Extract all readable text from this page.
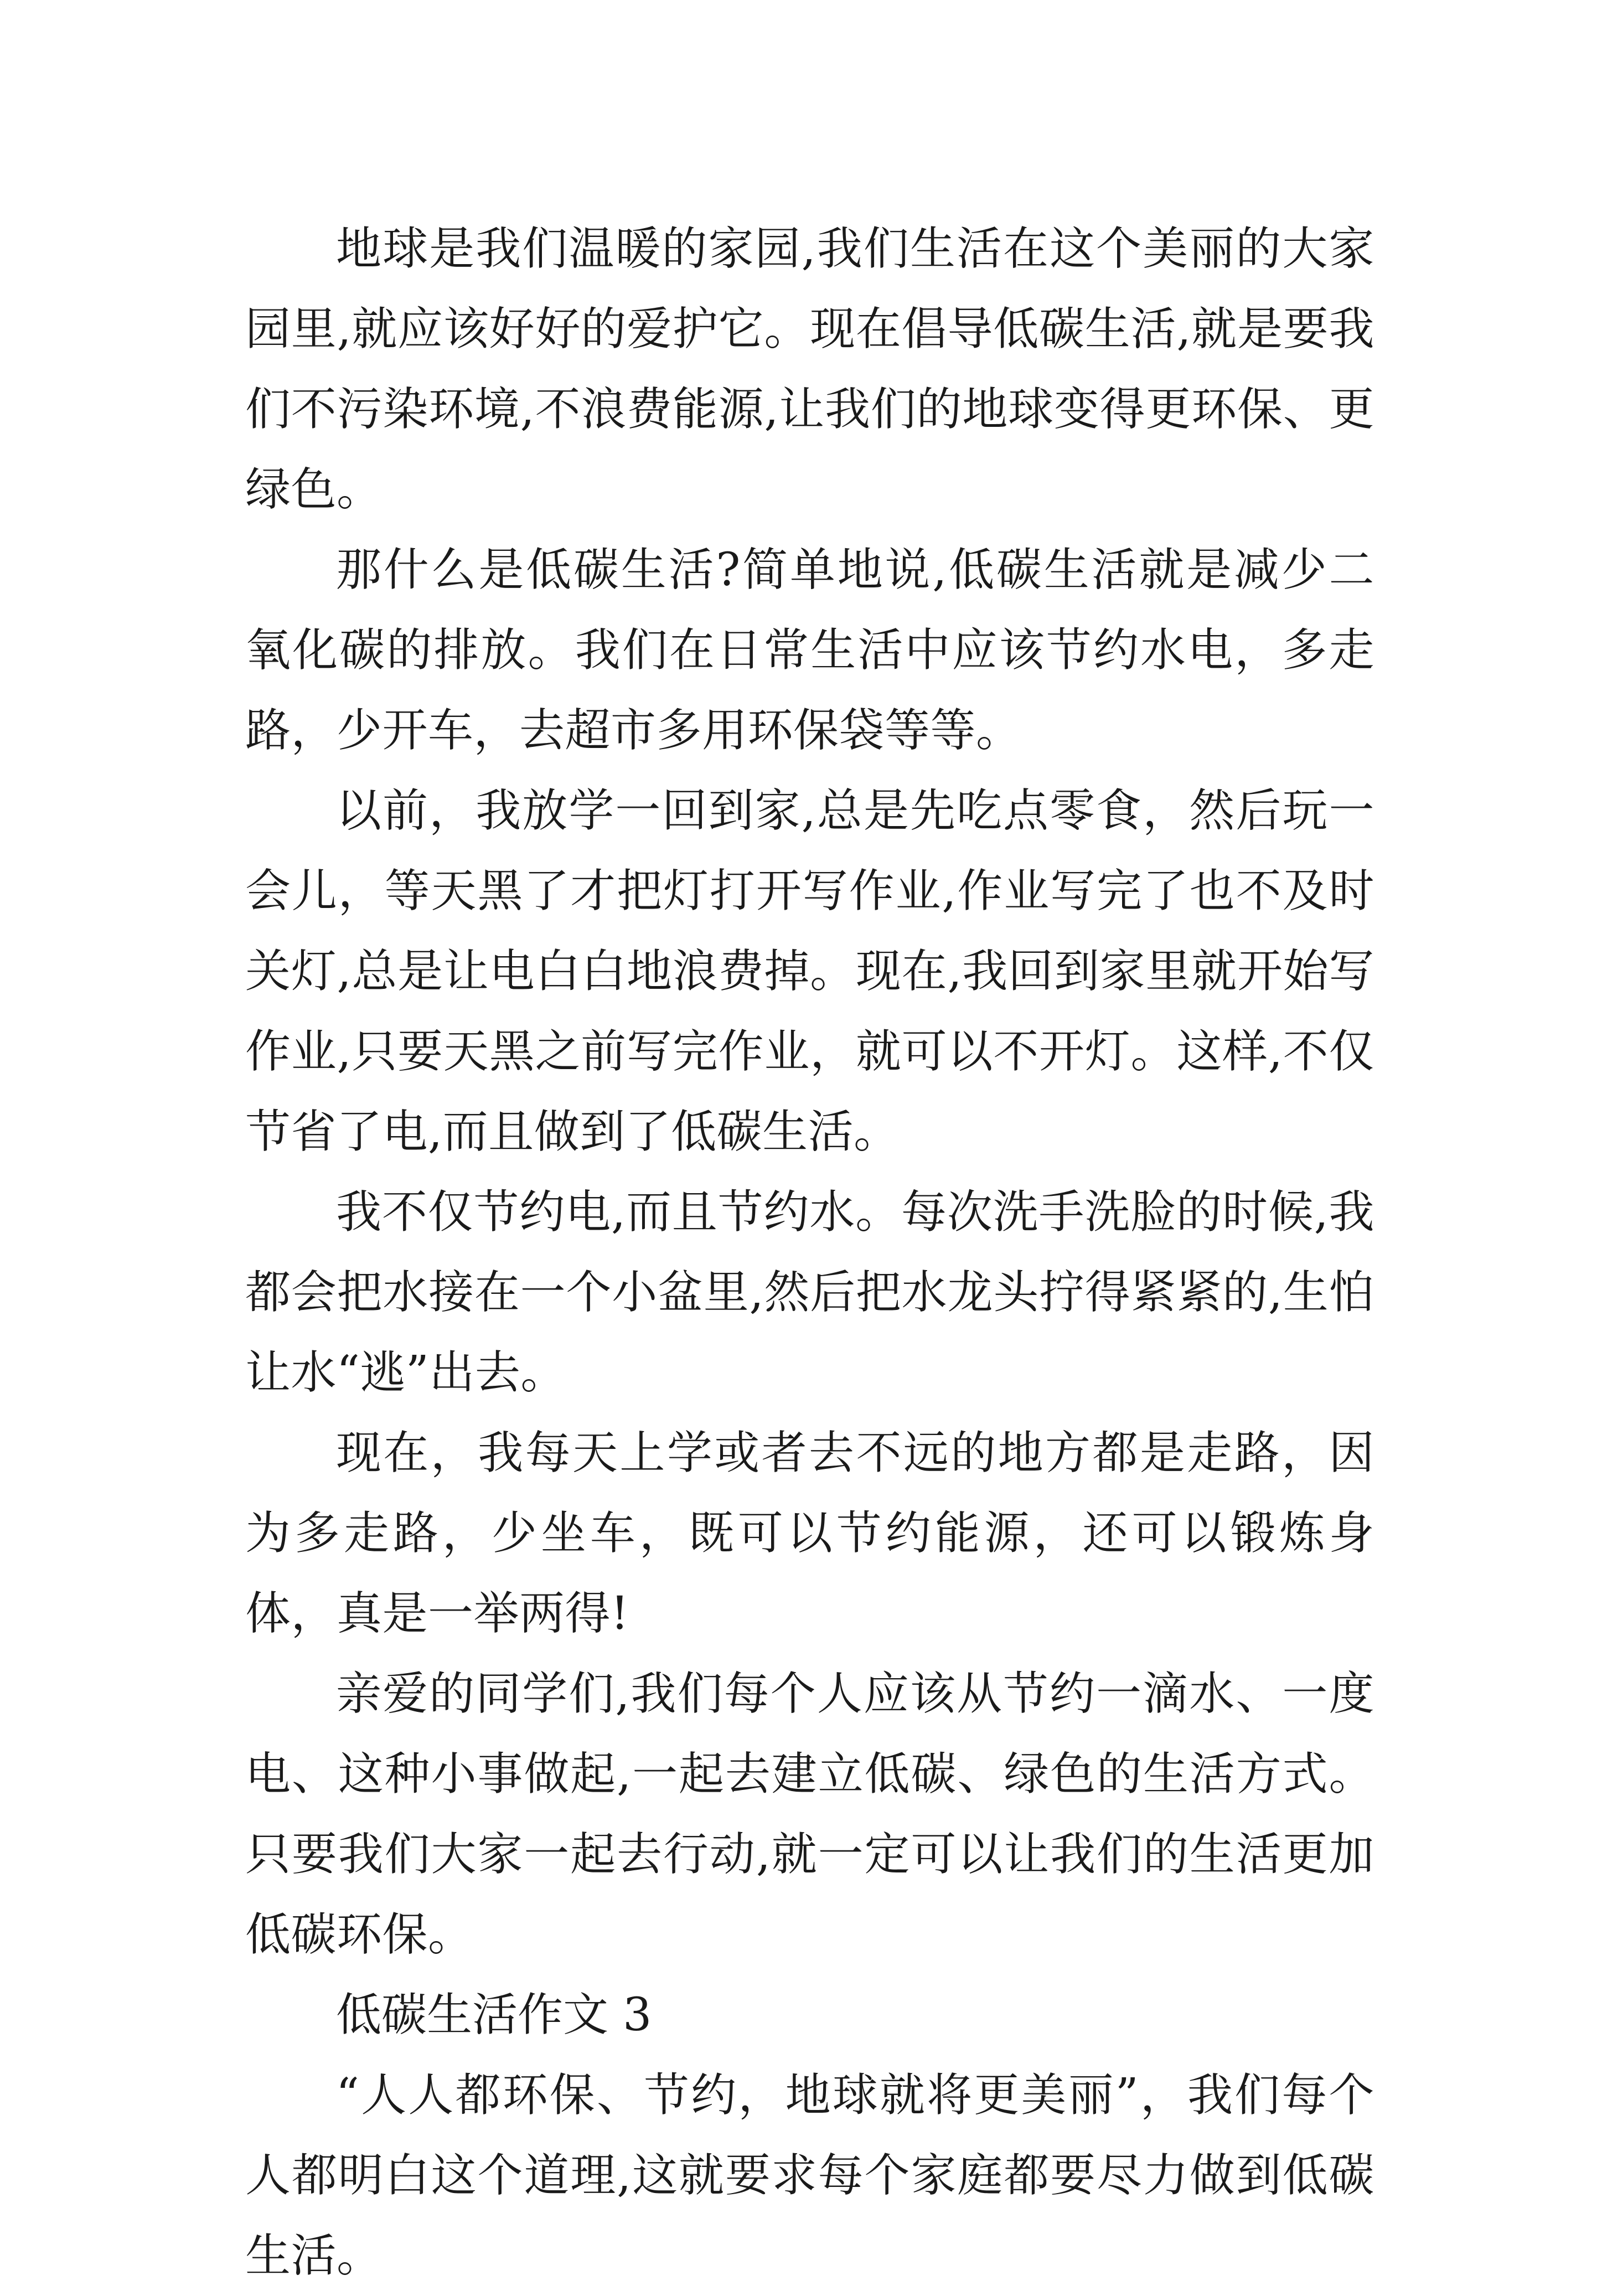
地球是我们温暖的家园,我们生活在这个美丽的大家园里,就应该好好的爱护它。现在倡导低碳生活,就是要我们不污染环境,不浪费能源,让我们的地球变得更环保、更绿色。

那什么是低碳生活?简单地说,低碳生活就是减少二氧化碳的排放。我们在日常生活中应该节约水电，多走路，少开车，去超市多用环保袋等等。

以前，我放学一回到家,总是先吃点零食，然后玩一会儿，等天黑了才把灯打开写作业,作业写完了也不及时关灯,总是让电白白地浪费掉。现在,我回到家里就开始写作业,只要天黑之前写完作业，就可以不开灯。这样,不仅节省了电,而且做到了低碳生活。

我不仅节约电,而且节约水。每次洗手洗脸的时候,我都会把水接在一个小盆里,然后把水龙头拧得紧紧的,生怕让水“逃”出去。

现在，我每天上学或者去不远的地方都是走路，因为多走路，少坐车，既可以节约能源，还可以锻炼身体，真是一举两得!

亲爱的同学们,我们每个人应该从节约一滴水、一度电、这种小事做起,一起去建立低碳、绿色的生活方式。只要我们大家一起去行动,就一定可以让我们的生活更加低碳环保。

低碳生活作文 3

“人人都环保、节约，地球就将更美丽”，我们每个人都明白这个道理,这就要求每个家庭都要尽力做到低碳生活。
